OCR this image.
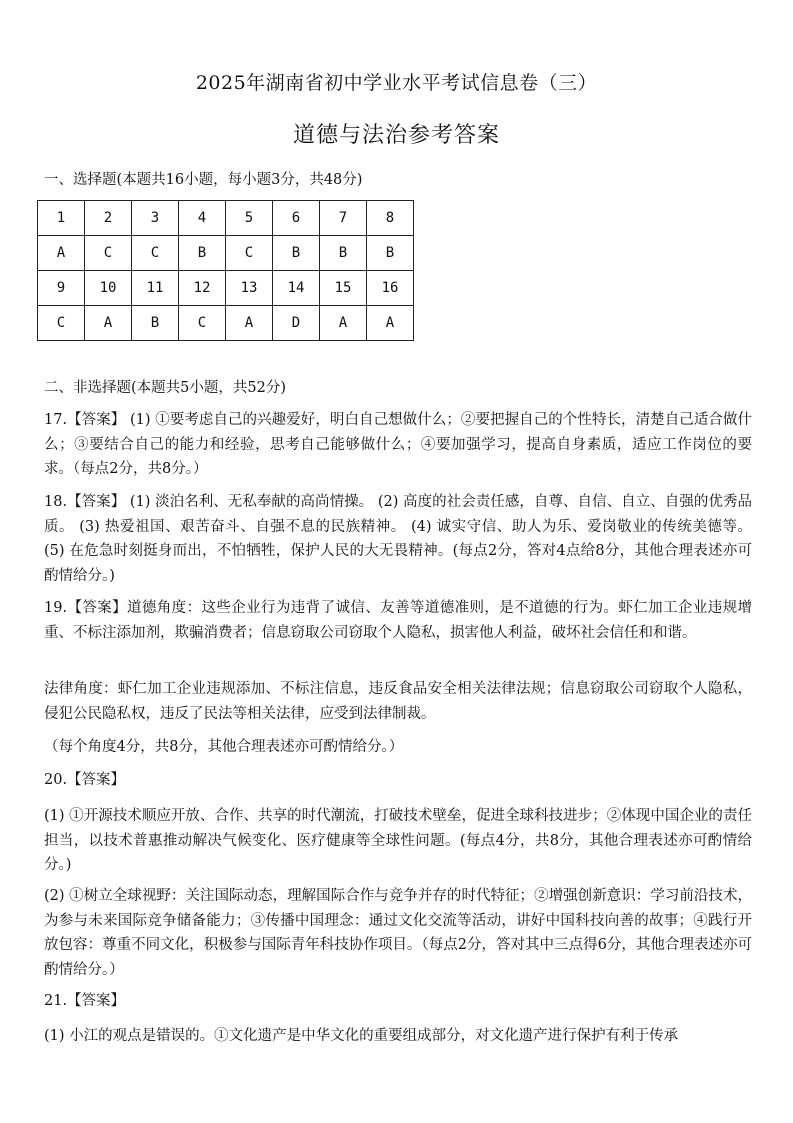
2025年湖南省初中学业水平考试信息卷（三）
道德与法治参考答案
一、选择题(本题共16小题，每小题3分，共48分)
1	2	3	4	5	6	7	8
A	C	C	B	C	B	B	B
9	10	11	12	13	14	15	16
C	A	B	C	A	D	A	A
二、非选择题(本题共5小题，共52分)
17.【答案】 (1) ①要考虑自己的兴趣爱好，明白自己想做什么；②要把握自己的个性特长，清楚自己适合做什么；③要结合自己的能力和经验，思考自己能够做什么；④要加强学习，提高自身素质，适应工作岗位的要求。（每点2分，共8分。）
18.【答案】 (1) 淡泊名利、无私奉献的高尚情操。 (2) 高度的社会责任感，自尊、自信、自立、自强的优秀品质。 (3) 热爱祖国、艰苦奋斗、自强不息的民族精神。 (4) 诚实守信、助人为乐、爱岗敬业的传统美德等。 (5) 在危急时刻挺身而出，不怕牺牲，保护人民的大无畏精神。(每点2分，答对4点给8分，其他合理表述亦可酌情给分。)
19.【答案】道德角度：这些企业行为违背了诚信、友善等道德准则，是不道德的行为。虾仁加工企业违规增重、不标注添加剂，欺骗消费者；信息窃取公司窃取个人隐私，损害他人利益，破坏社会信任和和谐。
法律角度：虾仁加工企业违规添加、不标注信息，违反食品安全相关法律法规；信息窃取公司窃取个人隐私，侵犯公民隐私权，违反了民法等相关法律，应受到法律制裁。
（每个角度4分，共8分，其他合理表述亦可酌情给分。）
20.【答案】
(1) ①开源技术顺应开放、合作、共享的时代潮流，打破技术壁垒，促进全球科技进步；②体现中国企业的责任担当，以技术普惠推动解决气候变化、医疗健康等全球性问题。(每点4分，共8分，其他合理表述亦可酌情给分。)
(2) ①树立全球视野：关注国际动态，理解国际合作与竞争并存的时代特征；②增强创新意识：学习前沿技术，为参与未来国际竞争储备能力；③传播中国理念：通过文化交流等活动，讲好中国科技向善的故事；④践行开放包容：尊重不同文化，积极参与国际青年科技协作项目。（每点2分，答对其中三点得6分，其他合理表述亦可酌情给分。）
21.【答案】
(1) 小江的观点是错误的。①文化遗产是中华文化的重要组成部分，对文化遗产进行保护有利于传承
